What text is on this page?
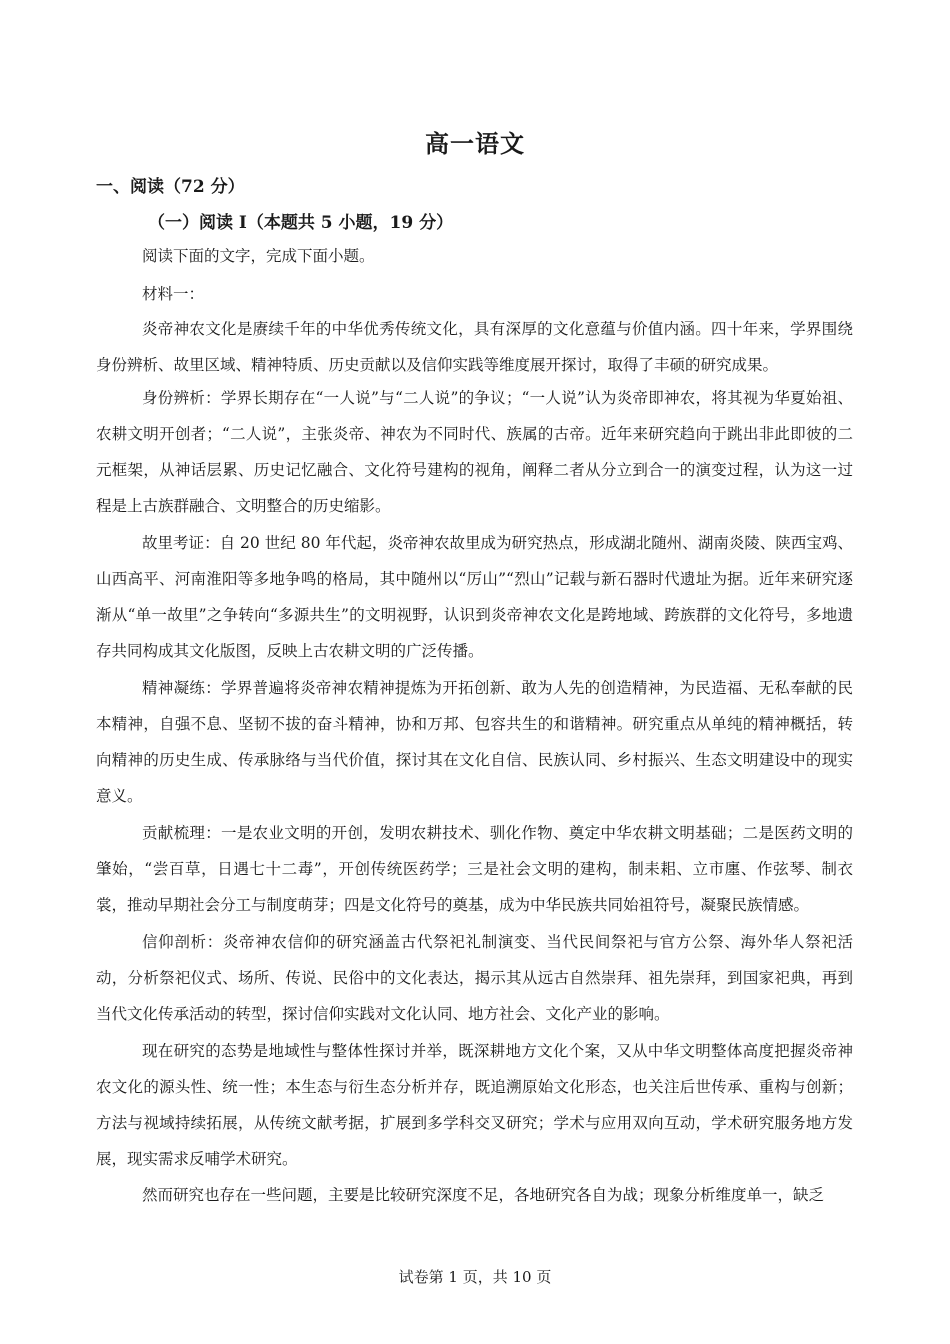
高一语文
一、阅读（72 分）
（一）阅读 I（本题共 5 小题，19 分）

阅读下面的文字，完成下面小题。

材料一：

炎帝神农文化是赓续千年的中华优秀传统文化，具有深厚的文化意蕴与价值内涵。四十年来，学界围绕身份辨析、故里区域、精神特质、历史贡献以及信仰实践等维度展开探讨，取得了丰硕的研究成果。

身份辨析：学界长期存在“一人说”与“二人说”的争议；“一人说”认为炎帝即神农，将其视为华夏始祖、农耕文明开创者；“二人说”，主张炎帝、神农为不同时代、族属的古帝。近年来研究趋向于跳出非此即彼的二元框架，从神话层累、历史记忆融合、文化符号建构的视角，阐释二者从分立到合一的演变过程，认为这一过程是上古族群融合、文明整合的历史缩影。

故里考证：自 20 世纪 80 年代起，炎帝神农故里成为研究热点，形成湖北随州、湖南炎陵、陕西宝鸡、山西高平、河南淮阳等多地争鸣的格局，其中随州以“厉山”“烈山”记载与新石器时代遗址为据。近年来研究逐渐从“单一故里”之争转向“多源共生”的文明视野，认识到炎帝神农文化是跨地域、跨族群的文化符号，多地遗存共同构成其文化版图，反映上古农耕文明的广泛传播。

精神凝练：学界普遍将炎帝神农精神提炼为开拓创新、敢为人先的创造精神，为民造福、无私奉献的民本精神，自强不息、坚韧不拔的奋斗精神，协和万邦、包容共生的和谐精神。研究重点从单纯的精神概括，转向精神的历史生成、传承脉络与当代价值，探讨其在文化自信、民族认同、乡村振兴、生态文明建设中的现实意义。

贡献梳理：一是农业文明的开创，发明农耕技术、驯化作物、奠定中华农耕文明基础；二是医药文明的肇始，“尝百草，日遇七十二毒”，开创传统医药学；三是社会文明的建构，制耒耜、立市廛、作弦琴、制衣裳，推动早期社会分工与制度萌芽；四是文化符号的奠基，成为中华民族共同始祖符号，凝聚民族情感。

信仰剖析：炎帝神农信仰的研究涵盖古代祭祀礼制演变、当代民间祭祀与官方公祭、海外华人祭祀活动，分析祭祀仪式、场所、传说、民俗中的文化表达，揭示其从远古自然崇拜、祖先崇拜，到国家祀典，再到当代文化传承活动的转型，探讨信仰实践对文化认同、地方社会、文化产业的影响。

现在研究的态势是地域性与整体性探讨并举，既深耕地方文化个案，又从中华文明整体高度把握炎帝神农文化的源头性、统一性；本生态与衍生态分析并存，既追溯原始文化形态，也关注后世传承、重构与创新；方法与视域持续拓展，从传统文献考据，扩展到多学科交叉研究；学术与应用双向互动，学术研究服务地方发展，现实需求反哺学术研究。

然而研究也存在一些问题，主要是比较研究深度不足，各地研究各自为战；现象分析维度单一，缺乏

试卷第 1 页，共 10 页
